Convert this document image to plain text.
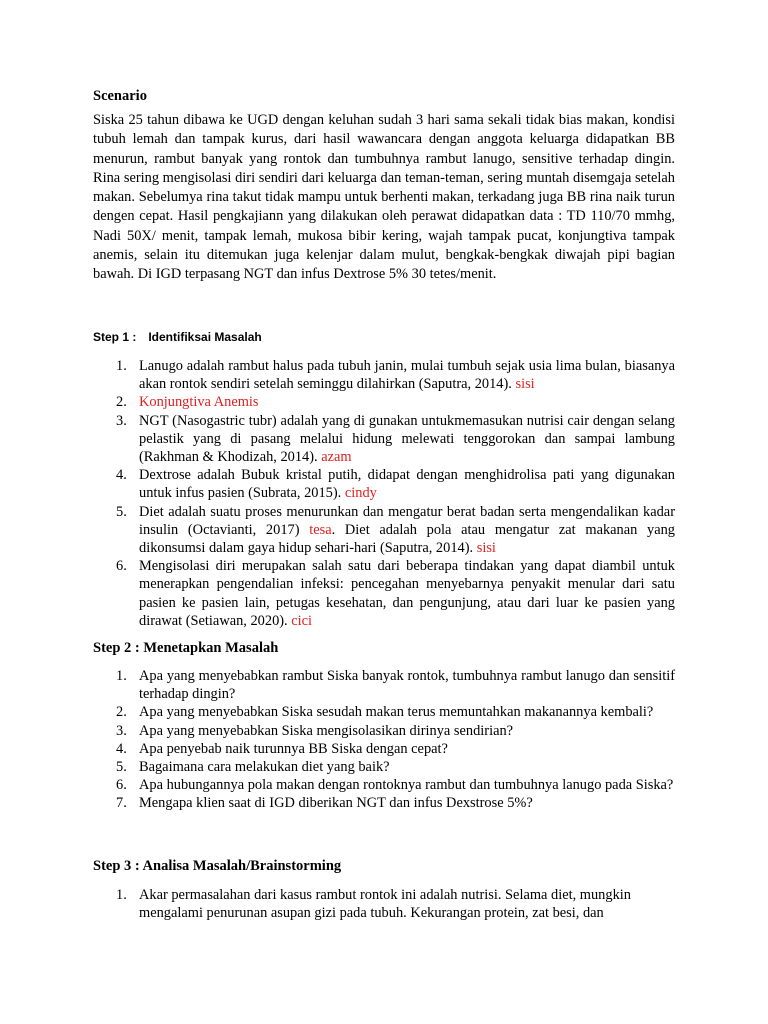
Scenario

Siska 25 tahun dibawa ke UGD dengan keluhan sudah 3 hari sama sekali tidak bias makan, kondisi tubuh lemah dan tampak kurus, dari hasil wawancara dengan anggota keluarga didapatkan BB menurun, rambut banyak yang rontok dan tumbuhnya rambut lanugo, sensitive terhadap dingin. Rina sering mengisolasi diri sendiri dari keluarga dan teman-teman, sering muntah disemgaja setelah makan. Sebelumya rina takut tidak mampu untuk berhenti makan, terkadang juga BB rina naik turun dengen cepat. Hasil pengkajiann yang dilakukan oleh perawat didapatkan data : TD 110/70 mmhg, Nadi 50X/ menit, tampak lemah, mukosa bibir kering, wajah tampak pucat, konjungtiva tampak anemis, selain itu ditemukan juga kelenjar dalam mulut, bengkak-bengkak diwajah pipi bagian bawah. Di IGD terpasang NGT dan infus Dextrose 5% 30 tetes/menit.

Step 1 : Identifiksai Masalah
1. Lanugo adalah rambut halus pada tubuh janin, mulai tumbuh sejak usia lima bulan, biasanya akan rontok sendiri setelah seminggu dilahirkan (Saputra, 2014). sisi
2. Konjungtiva Anemis
3. NGT (Nasogastric tubr) adalah yang di gunakan untukmemasukan nutrisi cair dengan selang pelastik yang di pasang melalui hidung melewati tenggorokan dan sampai lambung (Rakhman & Khodizah, 2014). azam
4. Dextrose adalah Bubuk kristal putih, didapat dengan menghidrolisa pati yang digunakan untuk infus pasien (Subrata, 2015). cindy
5. Diet adalah suatu proses menurunkan dan mengatur berat badan serta mengendalikan kadar insulin (Octavianti, 2017) tesa. Diet adalah pola atau mengatur zat makanan yang dikonsumsi dalam gaya hidup sehari-hari (Saputra, 2014). sisi
6. Mengisolasi diri merupakan salah satu dari beberapa tindakan yang dapat diambil untuk menerapkan pengendalian infeksi: pencegahan menyebarnya penyakit menular dari satu pasien ke pasien lain, petugas kesehatan, dan pengunjung, atau dari luar ke pasien yang dirawat (Setiawan, 2020). cici
Step 2 : Menetapkan Masalah
1. Apa yang menyebabkan rambut Siska banyak rontok, tumbuhnya rambut lanugo dan sensitif terhadap dingin?
2. Apa yang menyebabkan Siska sesudah makan terus memuntahkan makanannya kembali?
3. Apa yang menyebabkan Siska mengisolasikan dirinya sendirian?
4. Apa penyebab naik turunnya BB Siska dengan cepat?
5. Bagaimana cara melakukan diet yang baik?
6. Apa hubungannya pola makan dengan rontoknya rambut dan tumbuhnya lanugo pada Siska?
7. Mengapa klien saat di IGD diberikan NGT dan infus Dexstrose 5%?
Step 3 : Analisa Masalah/Brainstorming
1. Akar permasalahan dari kasus rambut rontok ini adalah nutrisi. Selama diet, mungkin mengalami penurunan asupan gizi pada tubuh. Kekurangan protein, zat besi, dan
